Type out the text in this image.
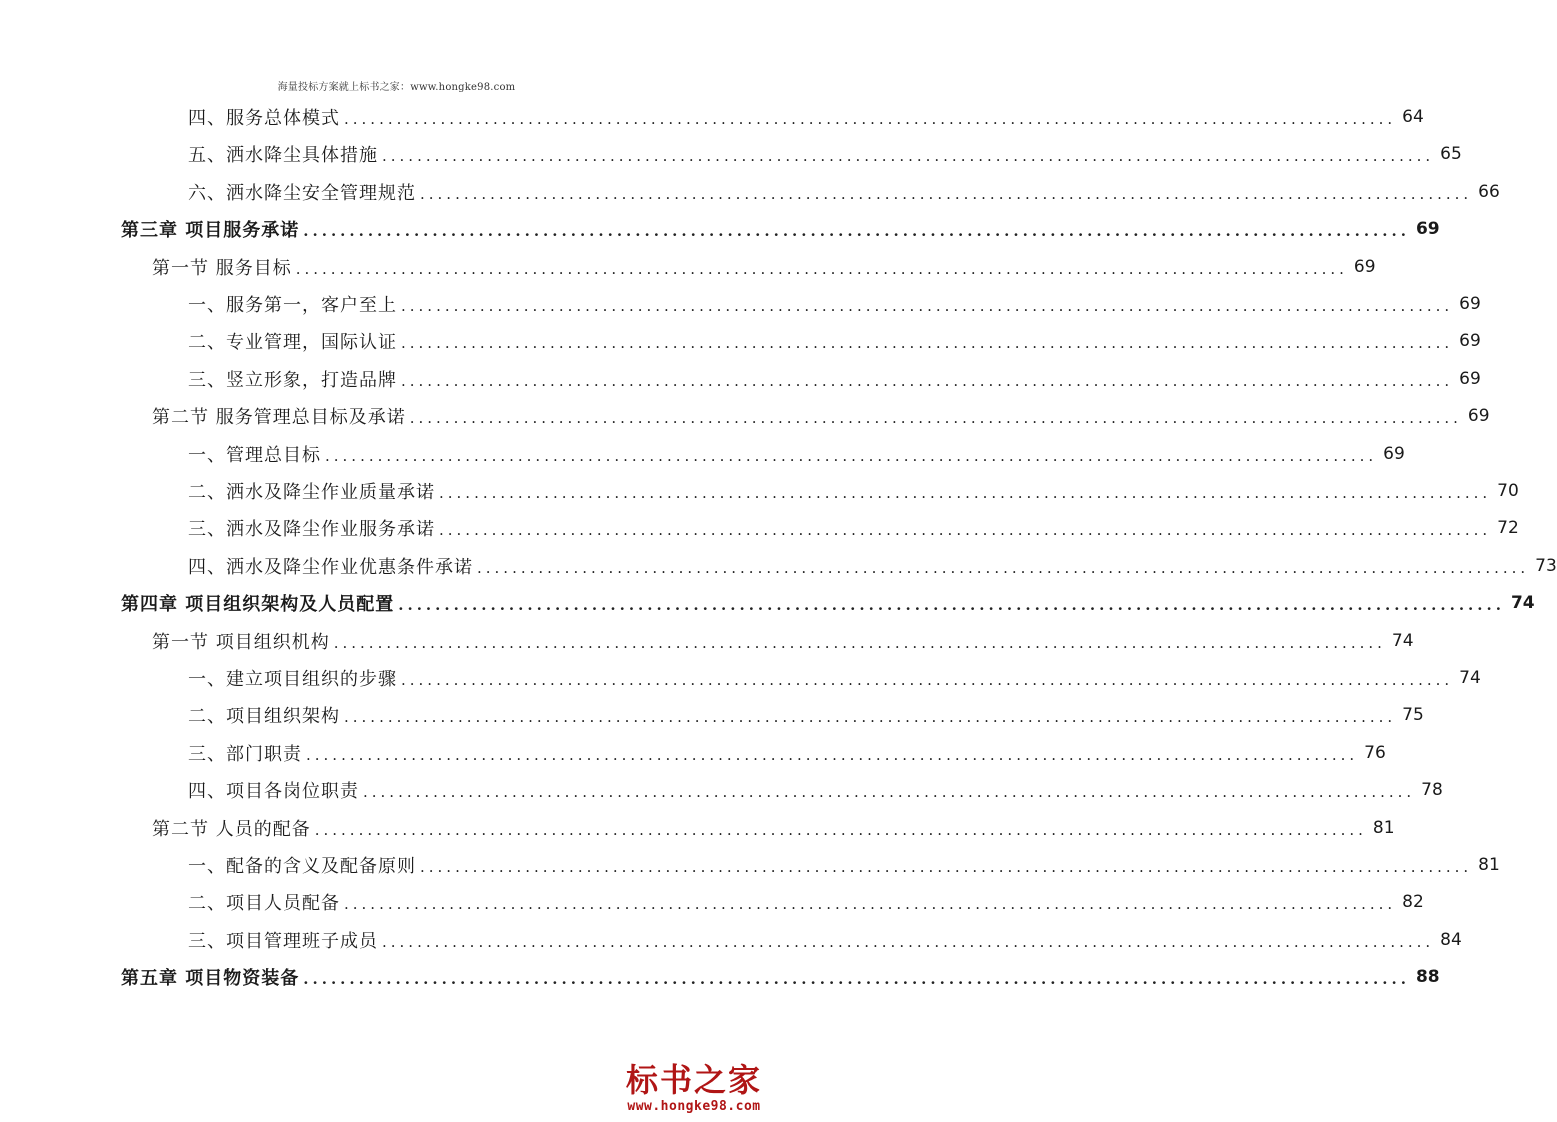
海量投标方案就上标书之家：www.hongke98.com
四、服务总体模式 ........................................................................................................................ 64
五、洒水降尘具体措施 ........................................................................................................................ 65
六、洒水降尘安全管理规范 ........................................................................................................................ 66
第三章 项目服务承诺 ........................................................................................................................ 69
第一节 服务目标 ........................................................................................................................ 69
一、服务第一，客户至上 ........................................................................................................................ 69
二、专业管理，国际认证 ........................................................................................................................ 69
三、竖立形象，打造品牌 ........................................................................................................................ 69
第二节 服务管理总目标及承诺 ........................................................................................................................ 69
一、管理总目标 ........................................................................................................................ 69
二、洒水及降尘作业质量承诺 ........................................................................................................................ 70
三、洒水及降尘作业服务承诺 ........................................................................................................................ 72
四、洒水及降尘作业优惠条件承诺 ........................................................................................................................ 73
第四章 项目组织架构及人员配置 ........................................................................................................................ 74
第一节 项目组织机构 ........................................................................................................................ 74
一、建立项目组织的步骤 ........................................................................................................................ 74
二、项目组织架构 ........................................................................................................................ 75
三、部门职责 ........................................................................................................................ 76
四、项目各岗位职责 ........................................................................................................................ 78
第二节 人员的配备 ........................................................................................................................ 81
一、配备的含义及配备原则 ........................................................................................................................ 81
二、项目人员配备 ........................................................................................................................ 82
三、项目管理班子成员 ........................................................................................................................ 84
第五章 项目物资装备 ........................................................................................................................ 88
标书之家
www.hongke98.com
